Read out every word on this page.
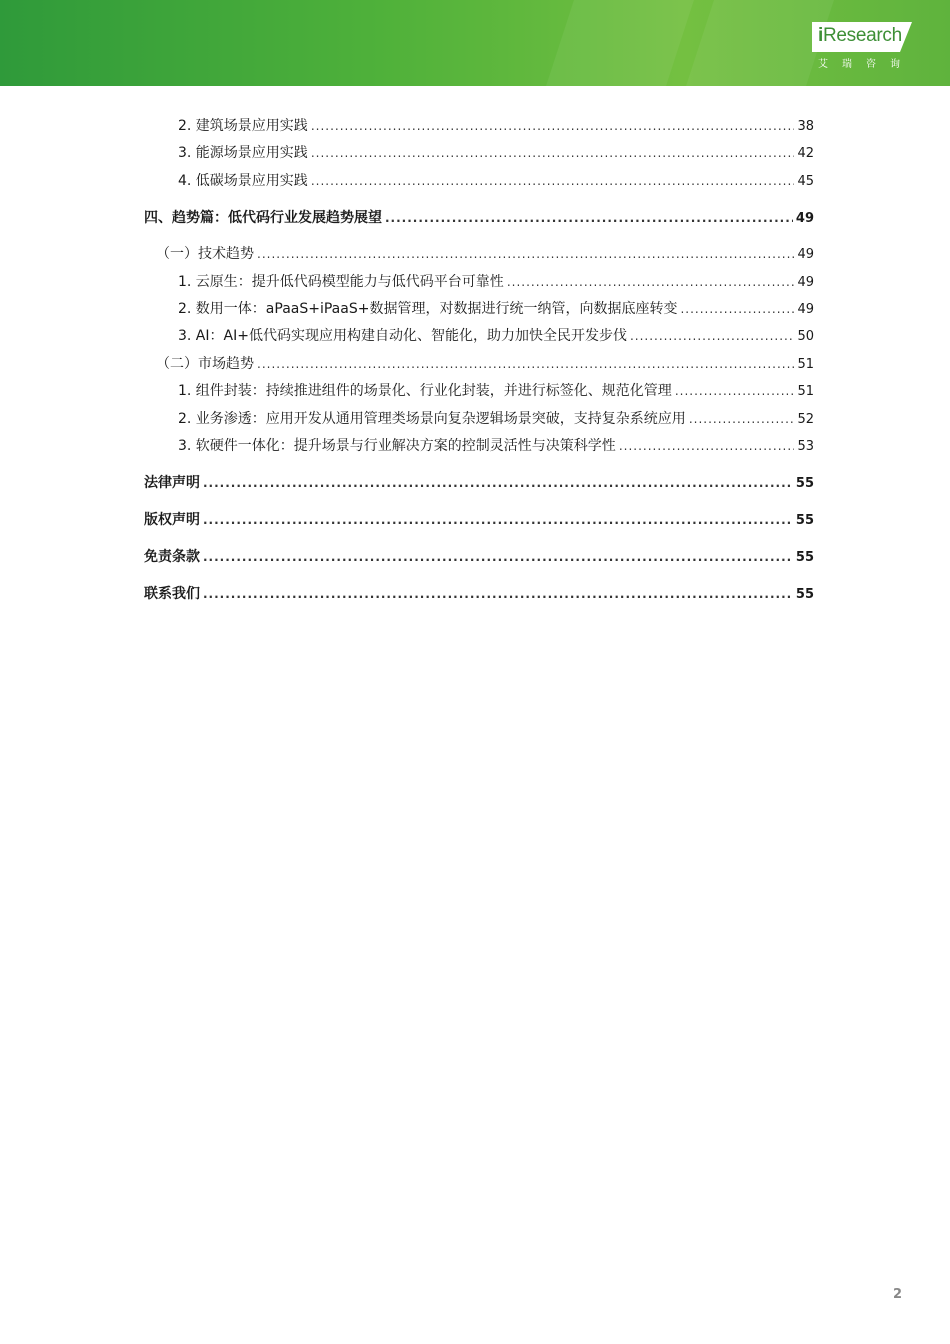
iResearch
艾瑞咨询
2. 建筑场景应用实践 .....	38
3. 能源场景应用实践 .....	42
4. 低碳场景应用实践 .....	45
四、趋势篇：低代码行业发展趋势展望 .....	49
（一）技术趋势 .....	49
1. 云原生：提升低代码模型能力与低代码平台可靠性 .....	49
2. 数用一体：aPaaS+iPaaS+数据管理，对数据进行统一纳管，向数据底座转变 .....	49
3. AI：AI+低代码实现应用构建自动化、智能化，助力加快全民开发步伐 .....	50
（二）市场趋势 .....	51
1. 组件封装：持续推进组件的场景化、行业化封装，并进行标签化、规范化管理 .....	51
2. 业务渗透：应用开发从通用管理类场景向复杂逻辑场景突破，支持复杂系统应用 .....	52
3. 软硬件一体化：提升场景与行业解决方案的控制灵活性与决策科学性 .....	53
法律声明 .....	55
版权声明 .....	55
免责条款 .....	55
联系我们 .....	55
2
